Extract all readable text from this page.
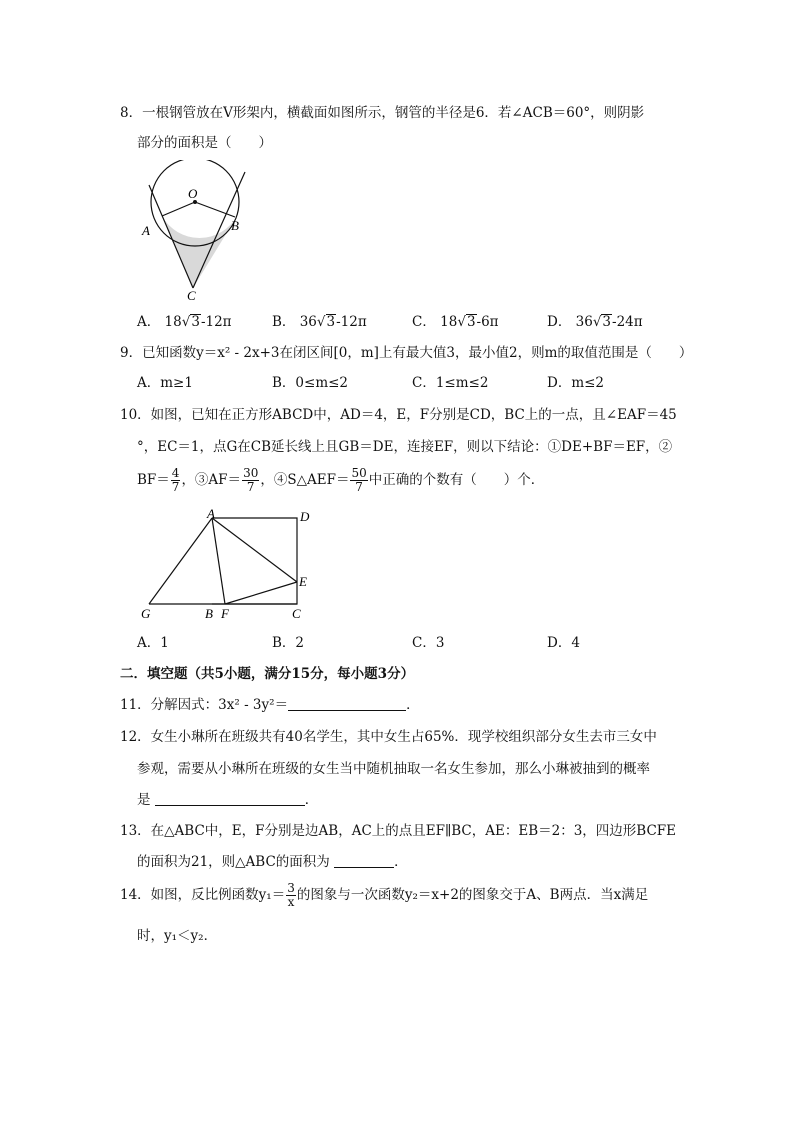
8．一根钢管放在V形架内，横截面如图所示，钢管的半径是6．若∠ACB＝60°，则阴影
部分的面积是（　　）
O
A	B
C
A． 18√3-12π	B． 36√3-12π	C． 18√3-6π	D． 36√3-24π
9．已知函数y＝x² - 2x+3在闭区间[0，m]上有最大值3，最小值2，则m的取值范围是（　　）
A．m≥1	B．0≤m≤2	C．1≤m≤2	D．m≤2
10．如图，已知在正方形ABCD中，AD＝4，E，F分别是CD，BC上的一点，且∠EAF＝45
°，EC＝1，点G在CB延长线上且GB＝DE，连接EF，则以下结论：①DE+BF＝EF，②
$BF= \frac{4}{7}$ ，③AF＝ $\frac{30}{7}$ ，④S△AEF＝ $\frac{50}{7}$ 中正确的个数有（　　）个．
A	D
E
G	B F	C
A．1	B．2	C．3	D．4
二．填空题（共5小题，满分15分，每小题3分）
11．分解因式：3x² - 3y²＝	．
12．女生小琳所在班级共有40名学生，其中女生占65%．现学校组织部分女生去市三女中
参观，需要从小琳所在班级的女生当中随机抽取一名女生参加，那么小琳被抽到的概率
是	．
13．在△ABC中，E，F分别是边AB，AC上的点且EF∥BC，AE：EB＝2：3，四边形BCFE
的面积为21，则△ABC的面积为	．
14．如图，反比例函数$y_1= \frac{3}{x}$ 的图象与一次函数y₂＝x+2的图象交于A、B两点．当x满足
时，y₁＜y₂．
